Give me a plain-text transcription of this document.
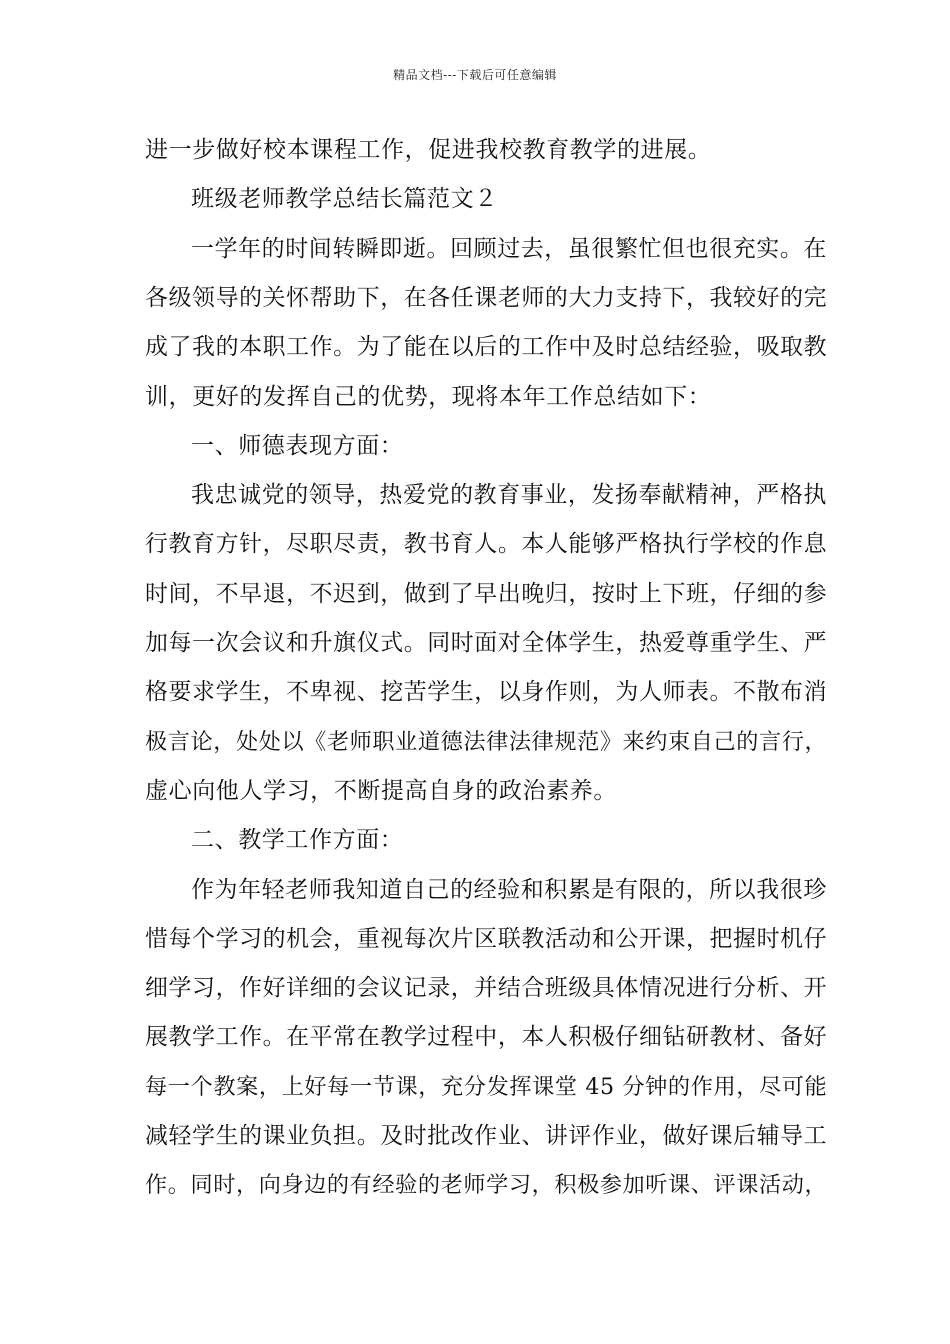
精品文档---下载后可任意编辑
进一步做好校本课程工作，促进我校教育教学的进展。
班级老师教学总结长篇范文２
一学年的时间转瞬即逝。回顾过去，虽很繁忙但也很充实。在
各级领导的关怀帮助下，在各任课老师的大力支持下，我较好的完
成了我的本职工作。为了能在以后的工作中及时总结经验，吸取教
训，更好的发挥自己的优势，现将本年工作总结如下：
一、师德表现方面：
我忠诚党的领导，热爱党的教育事业，发扬奉献精神，严格执
行教育方针，尽职尽责，教书育人。本人能够严格执行学校的作息
时间，不早退，不迟到，做到了早出晚归，按时上下班，仔细的参
加每一次会议和升旗仪式。同时面对全体学生，热爱尊重学生、严
格要求学生，不卑视、挖苦学生，以身作则，为人师表。不散布消
极言论，处处以《老师职业道德法律法律规范》来约束自己的言行，
虚心向他人学习，不断提高自身的政治素养。
二、教学工作方面：
作为年轻老师我知道自己的经验和积累是有限的，所以我很珍
惜每个学习的机会，重视每次片区联教活动和公开课，把握时机仔
细学习，作好详细的会议记录，并结合班级具体情况进行分析、开
展教学工作。在平常在教学过程中，本人积极仔细钻研教材、备好
每一个教案，上好每一节课，充分发挥课堂 45 分钟的作用，尽可能
减轻学生的课业负担。及时批改作业、讲评作业，做好课后辅导工
作。同时，向身边的有经验的老师学习，积极参加听课、评课活动，
